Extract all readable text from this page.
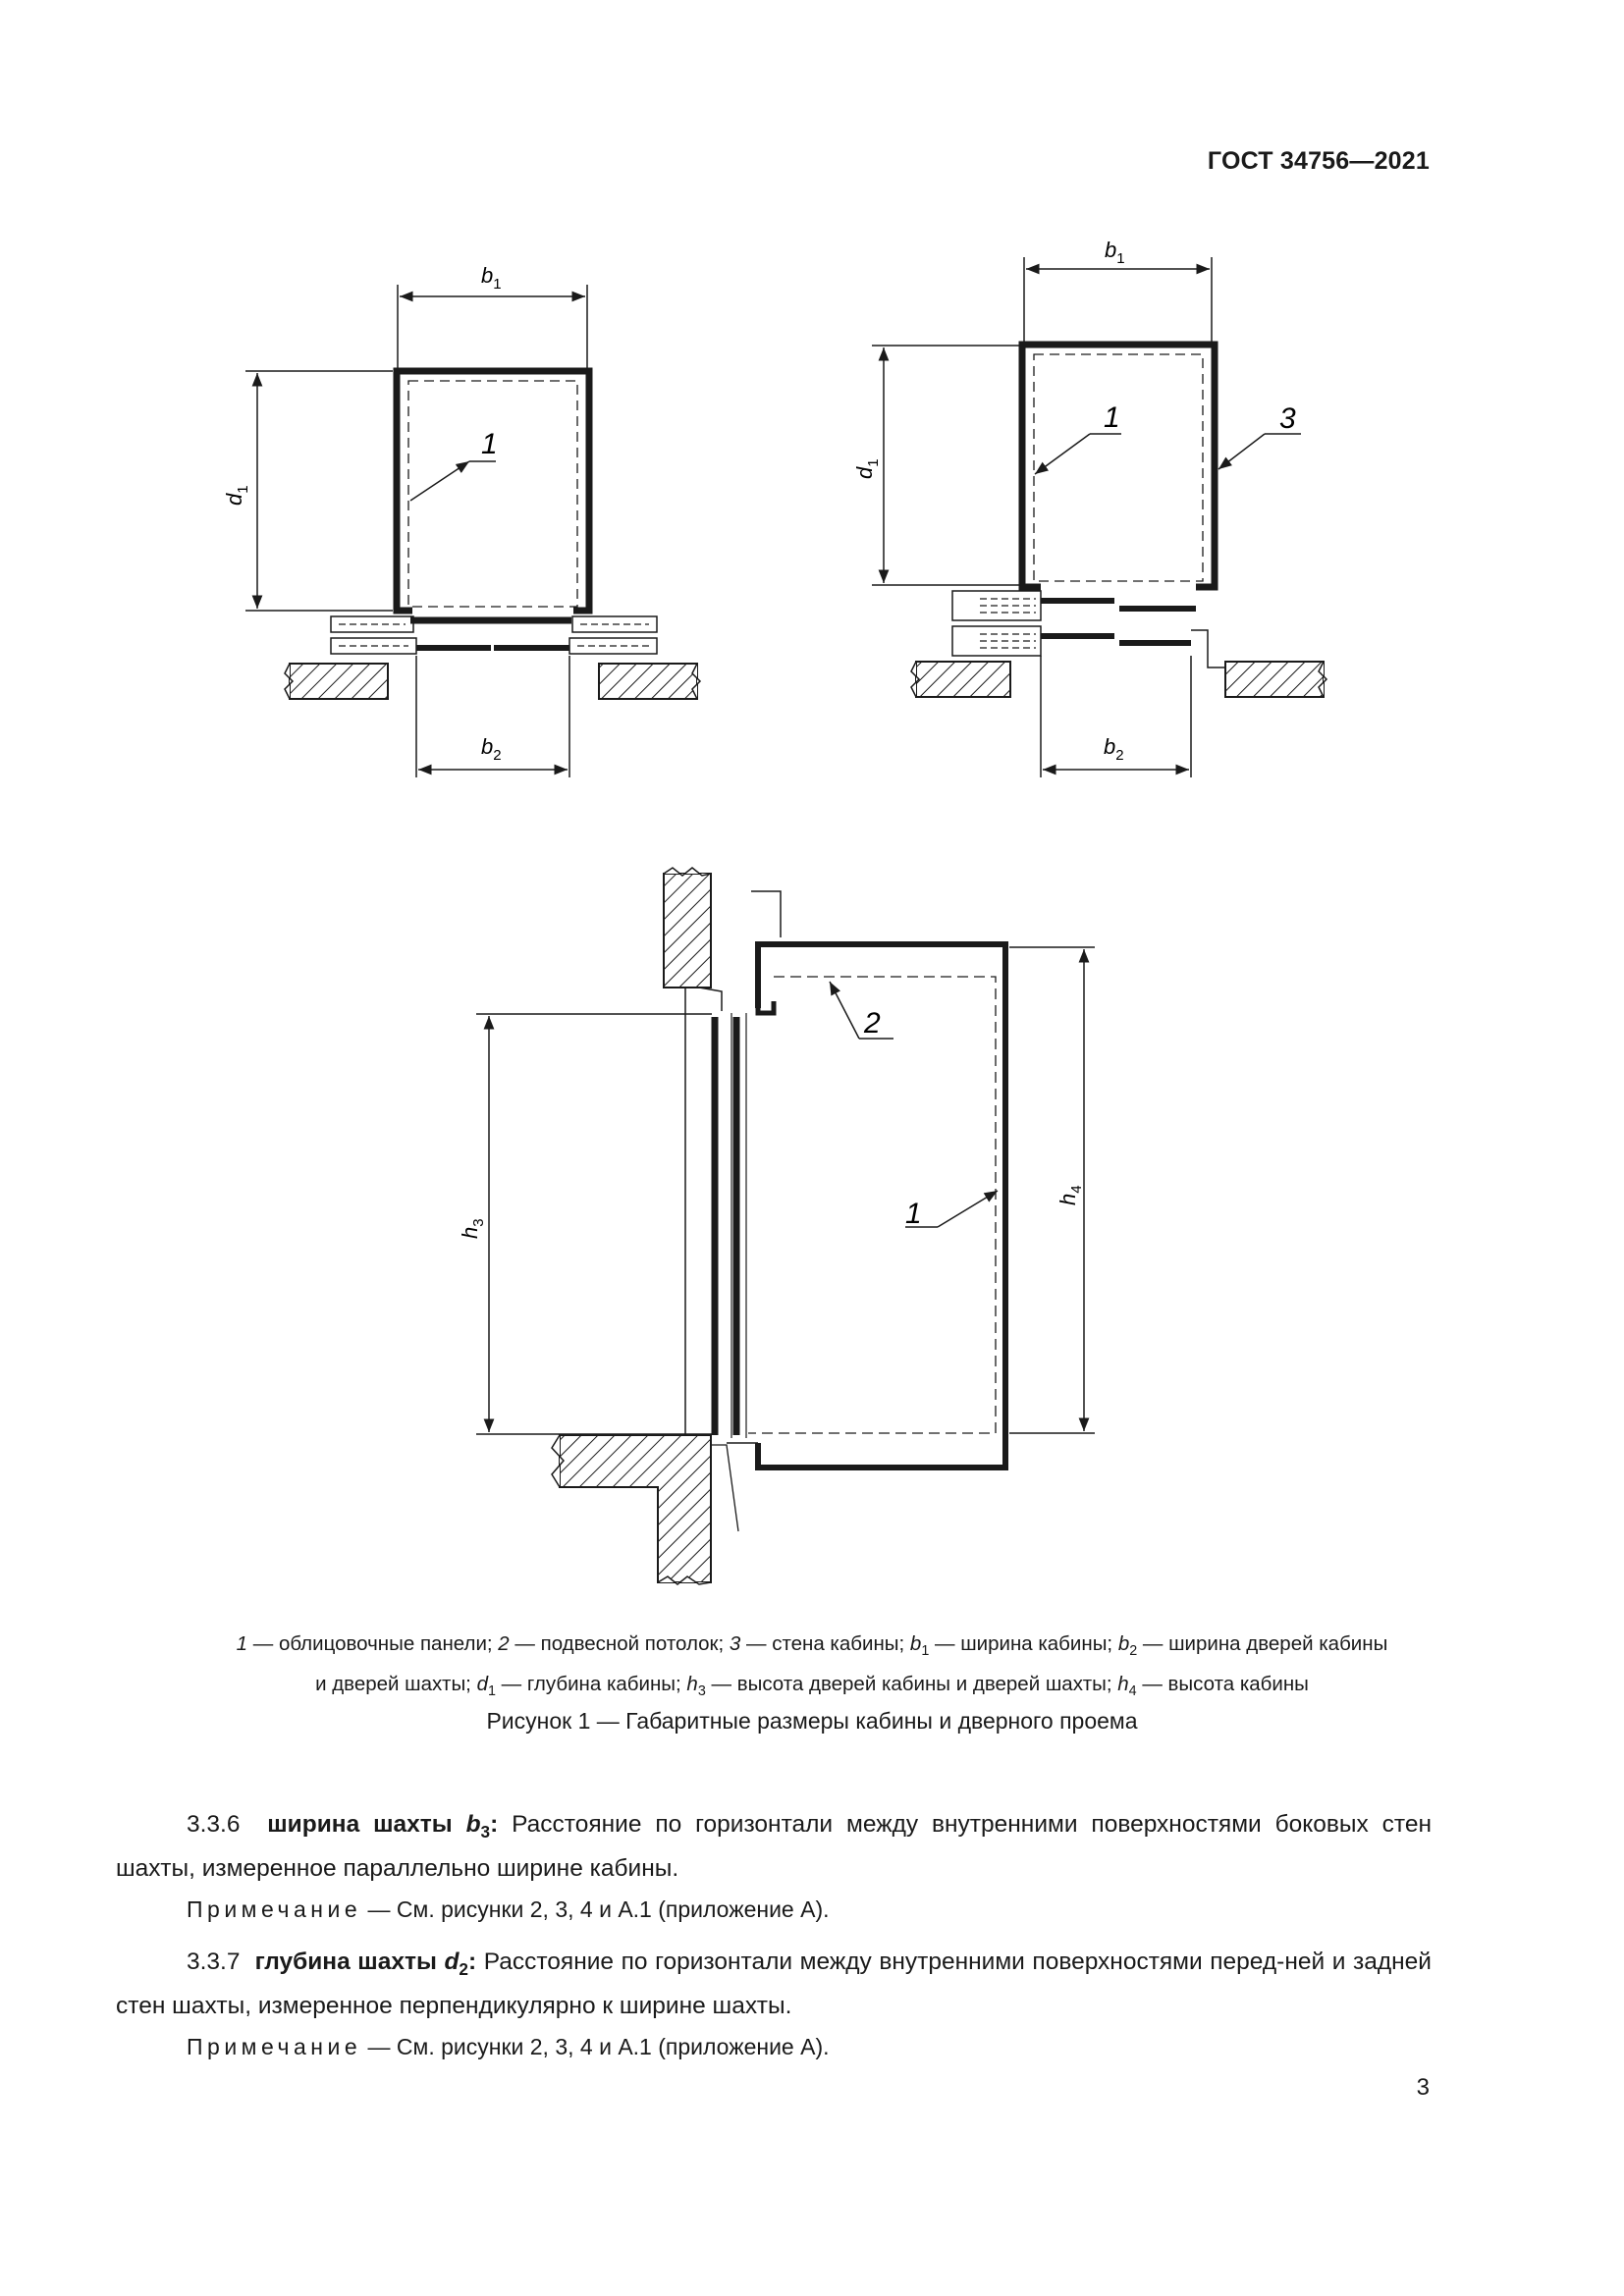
ГОСТ 34756—2021
$b_1$
$d_1$
1
$b_2$
$b_1$
$d_1$
1	3
$b_2$
$h_3$
$h_4$
2
1
1 — облицовочные панели; 2 — подвесной потолок; 3 — стена кабины; $b_1$ — ширина кабины; $b_2$ — ширина дверей кабины
и дверей шахты; $d_1$ — глубина кабины; $h_3$ — высота дверей кабины и дверей шахты; $h_4$ — высота кабины
Рисунок 1 — Габаритные размеры кабины и дверного проема
3.3.6 ширина шахты $b_3$: Расстояние по горизонтали между внутренними поверхностями боковых стен шахты, измеренное параллельно ширине кабины.
Примечание — См. рисунки 2, 3, 4 и А.1 (приложение А).
3.3.7 глубина шахты $d_2$: Расстояние по горизонтали между внутренними поверхностями перед-ней и задней стен шахты, измеренное перпендикулярно к ширине шахты.
Примечание — См. рисунки 2, 3, 4 и А.1 (приложение А).
3
